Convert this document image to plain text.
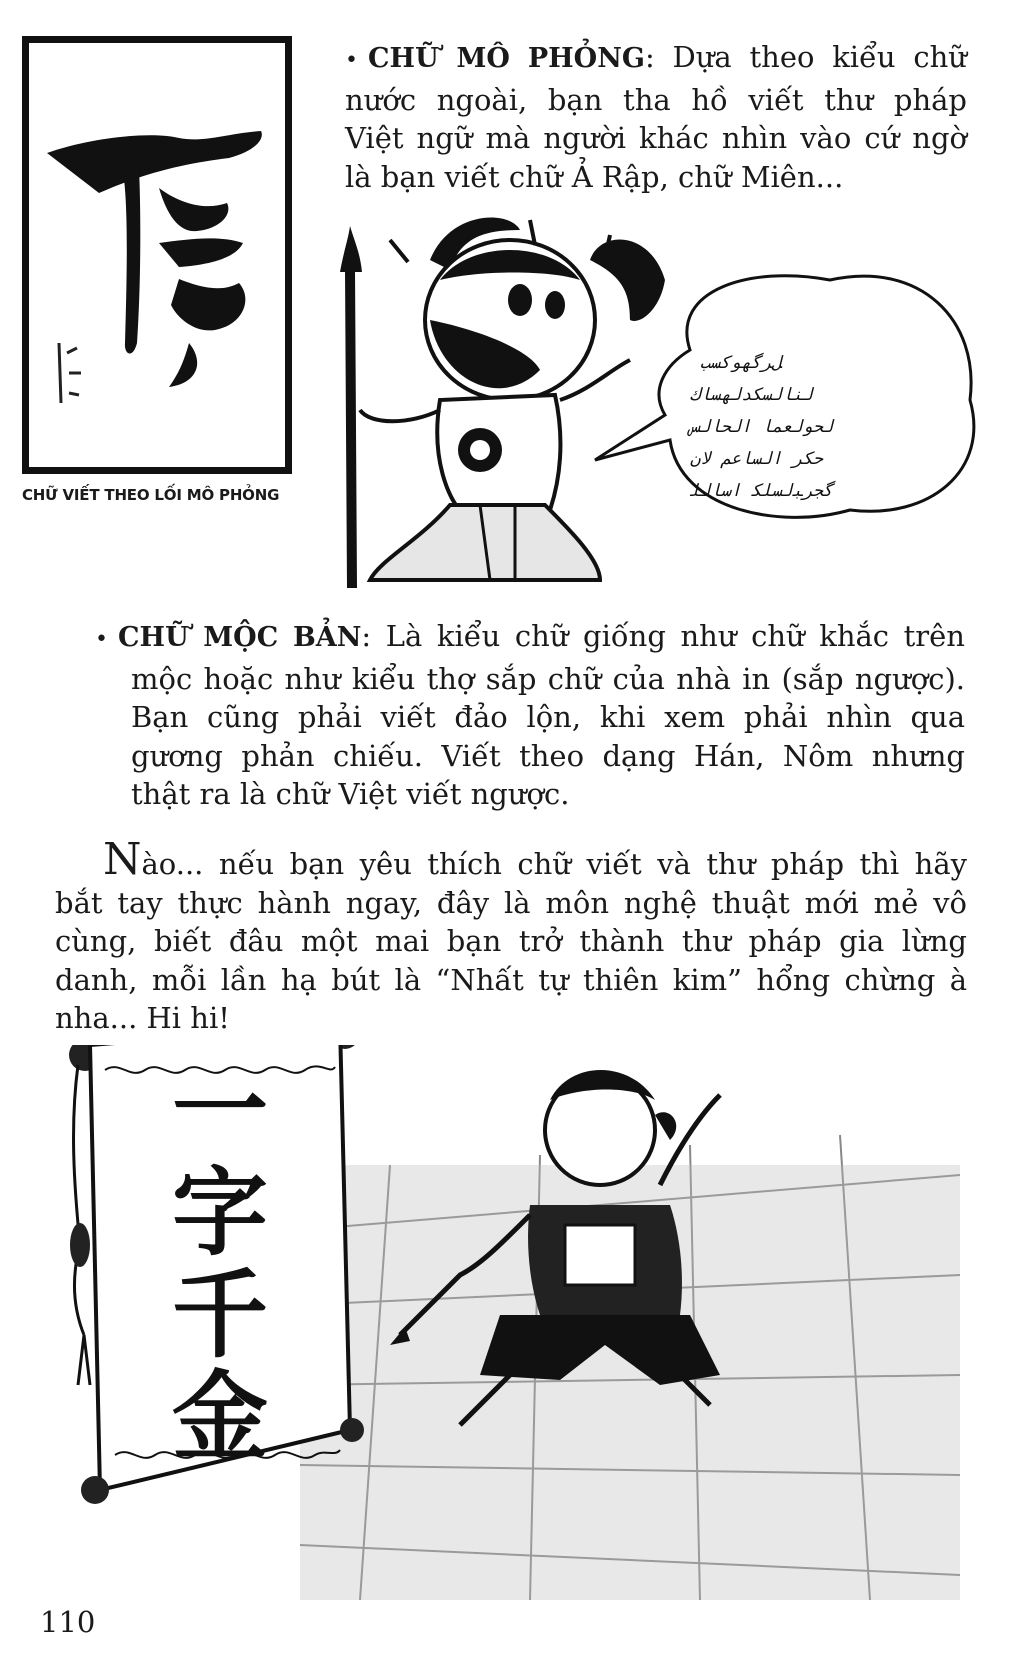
CHỮ VIẾT THEO LỐI MÔ PHỎNG
• CHỮ MÔ PHỎNG: Dựa theo kiểu chữ
nước ngoài, bạn tha hồ viết thư pháp
Việt ngữ mà người khác nhìn vào cứ ngờ
là bạn viết chữ Ả Rập, chữ Miên...
ﻞﺮﮔﻬﻮﻛﺴﺐ
ﻟﻨﺎﻟﺴﻜﺪﻟﻬﺴﺎﻙ
ﻟﺤﻮﻟﻌﻤﺎ ﺍﻟﺤﺎﻟﺲ
ﺣﻜﺮ ﺍﻟﺴﺎﻋﻢ ﻟﺎﻥ
ﮔﺠﺮﺒﻟﺴﻠﻜ ﺍﺳﺎﻟﻠ
• CHỮ MỘC BẢN: Là kiểu chữ giống như chữ khắc trên
mộc hoặc như kiểu thợ sắp chữ của nhà in (sắp ngược).
Bạn cũng phải viết đảo lộn, khi xem phải nhìn qua
gương phản chiếu. Viết theo dạng Hán, Nôm nhưng
thật ra là chữ Việt viết ngược.
Nào... nếu bạn yêu thích chữ viết và thư pháp thì hãy
bắt tay thực hành ngay, đây là môn nghệ thuật mới mẻ vô
cùng, biết đâu một mai bạn trở thành thư pháp gia lừng
danh, mỗi lần hạ bút là “Nhất tự thiên kim” hổng chừng à
nha... Hi hi!
一
字
千
金
110
